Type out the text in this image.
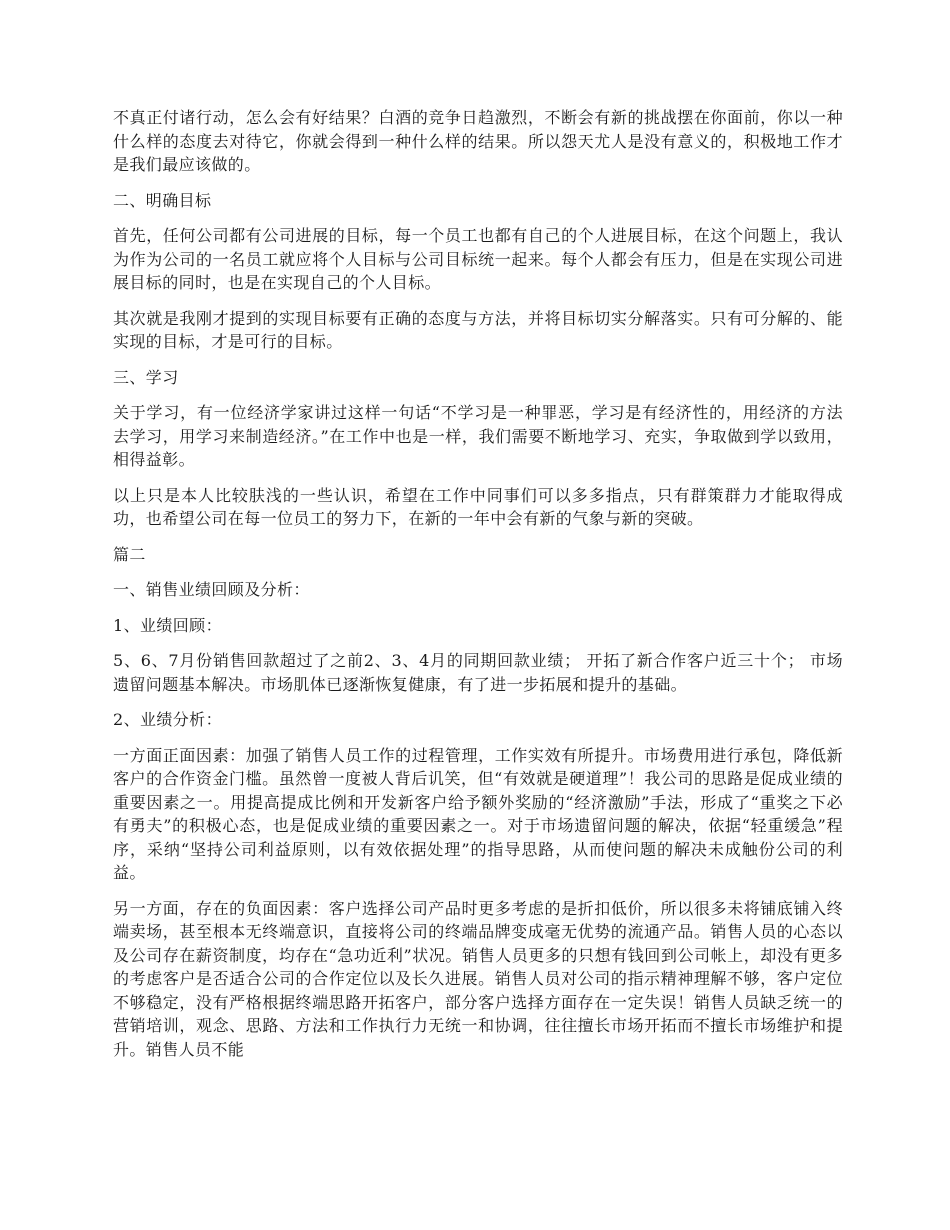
不真正付诸行动，怎么会有好结果？白酒的竞争日趋激烈，不断会有新的挑战摆在你面前，你以一种什么样的态度去对待它，你就会得到一种什么样的结果。所以怨天尤人是没有意义的，积极地工作才是我们最应该做的。

二、明确目标

首先，任何公司都有公司进展的目标，每一个员工也都有自己的个人进展目标，在这个问题上，我认为作为公司的一名员工就应将个人目标与公司目标统一起来。每个人都会有压力，但是在实现公司进展目标的同时，也是在实现自己的个人目标。

其次就是我刚才提到的实现目标要有正确的态度与方法，并将目标切实分解落实。只有可分解的、能实现的目标，才是可行的目标。

三、学习

关于学习，有一位经济学家讲过这样一句话“不学习是一种罪恶，学习是有经济性的，用经济的方法去学习，用学习来制造经济。”在工作中也是一样，我们需要不断地学习、充实，争取做到学以致用，相得益彰。

以上只是本人比较肤浅的一些认识，希望在工作中同事们可以多多指点，只有群策群力才能取得成功，也希望公司在每一位员工的努力下，在新的一年中会有新的气象与新的突破。

篇二

一、销售业绩回顾及分析：

1、业绩回顾：

5、6、7月份销售回款超过了之前2、3、4月的同期回款业绩； 开拓了新合作客户近三十个； 市场遗留问题基本解决。市场肌体已逐渐恢复健康，有了进一步拓展和提升的基础。

2、业绩分析：

一方面正面因素：加强了销售人员工作的过程管理，工作实效有所提升。市场费用进行承包，降低新客户的合作资金门槛。虽然曾一度被人背后讥笑，但“有效就是硬道理”！我公司的思路是促成业绩的重要因素之一。用提高提成比例和开发新客户给予额外奖励的“经济激励”手法，形成了“重奖之下必有勇夫”的积极心态，也是促成业绩的重要因素之一。对于市场遗留问题的解决，依据“轻重缓急”程序，采纳“坚持公司利益原则，以有效依据处理”的指导思路，从而使问题的解决未成触份公司的利益。

另一方面，存在的负面因素：客户选择公司产品时更多考虑的是折扣低价，所以很多未将铺底铺入终端卖场，甚至根本无终端意识，直接将公司的终端品牌变成毫无优势的流通产品。销售人员的心态以及公司存在薪资制度，均存在“急功近利”状况。销售人员更多的只想有钱回到公司帐上，却没有更多的考虑客户是否适合公司的合作定位以及长久进展。销售人员对公司的指示精神理解不够，客户定位不够稳定，没有严格根据终端思路开拓客户，部分客户选择方面存在一定失误！销售人员缺乏统一的营销培训，观念、思路、方法和工作执行力无统一和协调，往往擅长市场开拓而不擅长市场维护和提升。销售人员不能
